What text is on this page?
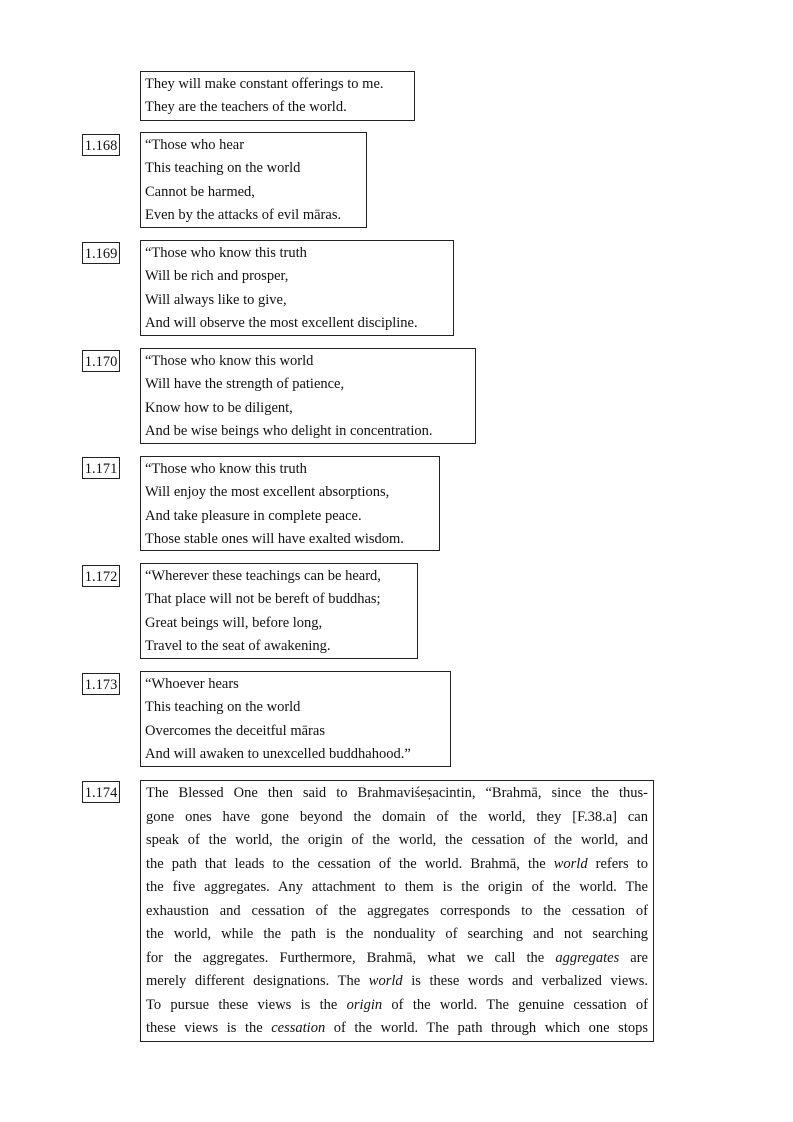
They will make constant offerings to me.
They are the teachers of the world.
1.168 “Those who hear
This teaching on the world
Cannot be harmed,
Even by the attacks of evil māras.
1.169 “Those who know this truth
Will be rich and prosper,
Will always like to give,
And will observe the most excellent discipline.
1.170 “Those who know this world
Will have the strength of patience,
Know how to be diligent,
And be wise beings who delight in concentration.
1.171 “Those who know this truth
Will enjoy the most excellent absorptions,
And take pleasure in complete peace.
Those stable ones will have exalted wisdom.
1.172 “Wherever these teachings can be heard,
That place will not be bereft of buddhas;
Great beings will, before long,
Travel to the seat of awakening.
1.173 “Whoever hears
This teaching on the world
Overcomes the deceitful māras
And will awaken to unexcelled buddhahood.”
1.174 The Blessed One then said to Brahmaviśeṣacintin, “Brahmā, since the thus-
gone ones have gone beyond the domain of the world, they [F.38.a] can
speak of the world, the origin of the world, the cessation of the world, and
the path that leads to the cessation of the world. Brahmā, the world refers to
the five aggregates. Any attachment to them is the origin of the world. The
exhaustion and cessation of the aggregates corresponds to the cessation of
the world, while the path is the nonduality of searching and not searching
for the aggregates. Furthermore, Brahmā, what we call the aggregates are
merely different designations. The world is these words and verbalized views.
To pursue these views is the origin of the world. The genuine cessation of
these views is the cessation of the world. The path through which one stops
